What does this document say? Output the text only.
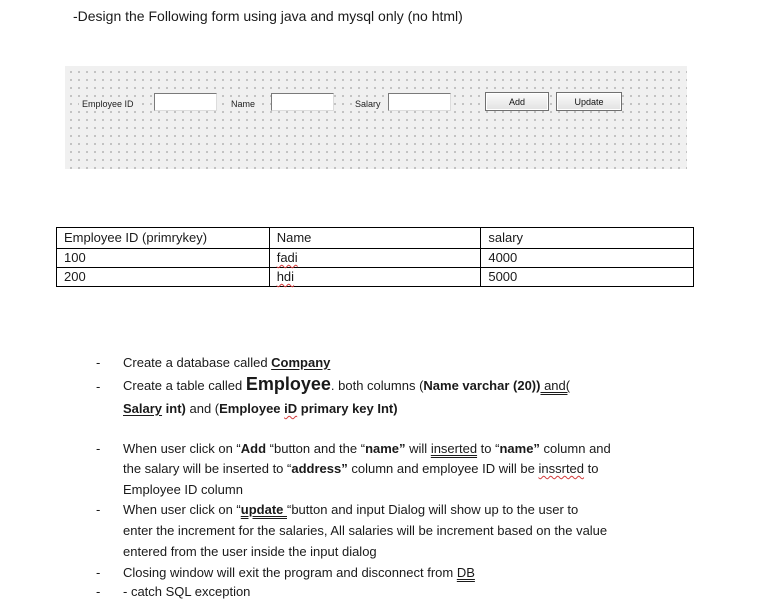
-Design the Following form using java and mysql only (no html)
Employee ID	Name	Salary	Add	Update
Employee ID (primrykey)	Name	salary
100	fadi	4000
200	hdi	5000
- Create a database called Company
- Create a table called Employee. both columns (Name varchar (20)) and(
Salary int) and (Employee iD primary key Int)
- When user click on “Add “button and the “name” will inserted to “name” column and
the salary will be inserted to “address” column and employee ID will be inssrted to
Employee ID column
- When user click on “update “button and input Dialog will show up to the user to
enter the increment for the salaries, All salaries will be increment based on the value
entered from the user inside the input dialog
- Closing window will exit the program and disconnect from DB
- - catch SQL exception
